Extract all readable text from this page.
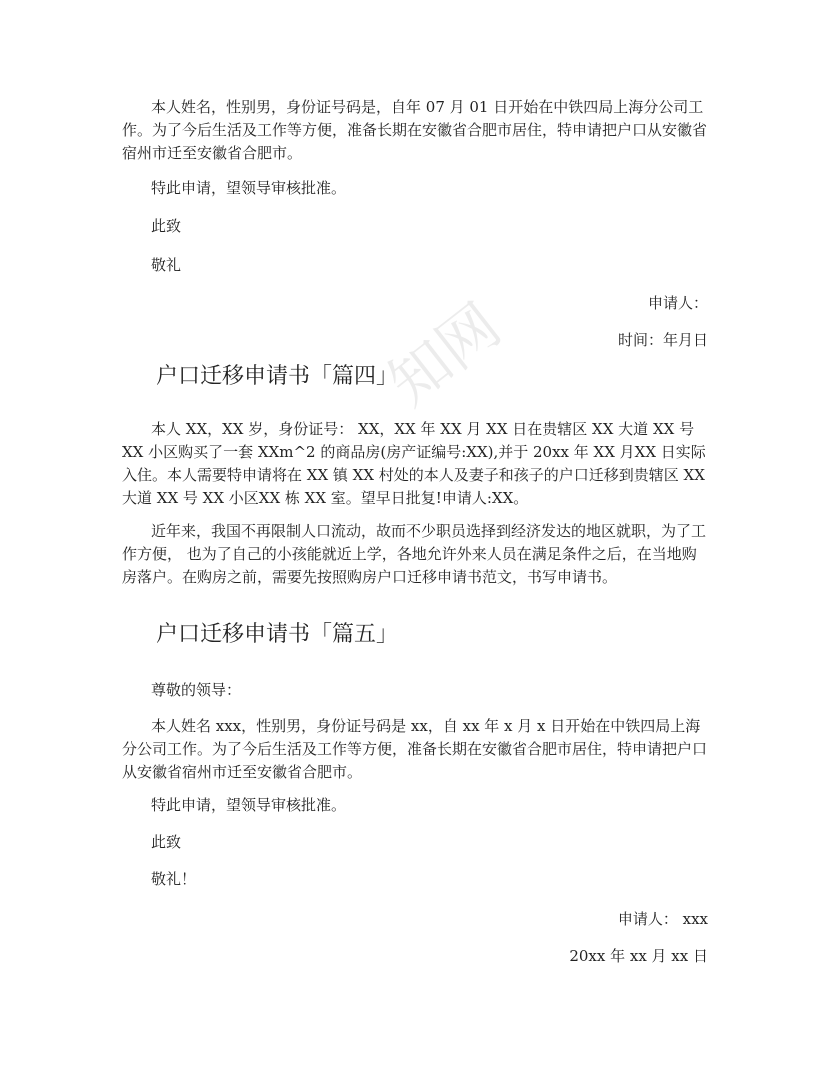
知网

本人姓名，性别男，身份证号码是，自年 07 月 01 日开始在中铁四局上海分公司工作。为了今后生活及工作等方便，准备长期在安徽省合肥市居住，特申请把户口从安徽省宿州市迁至安徽省合肥市。

特此申请，望领导审核批准。

此致

敬礼

申请人：

时间：年月日

户口迁移申请书「篇四」

本人 XX，XX 岁，身份证号： XX，XX 年 XX 月 XX 日在贵辖区 XX 大道 XX 号 XX 小区购买了一套 XXm^2 的商品房(房产证编号:XX),并于 20xx 年 XX 月XX 日实际入住。本人需要特申请将在 XX 镇 XX 村处的本人及妻子和孩子的户口迁移到贵辖区 XX 大道 XX 号 XX 小区XX 栋 XX 室。望早日批复!申请人:XX。

近年来，我国不再限制人口流动，故而不少职员选择到经济发达的地区就职，为了工作方便， 也为了自己的小孩能就近上学，各地允许外来人员在满足条件之后，在当地购房落户。在购房之前，需要先按照购房户口迁移申请书范文，书写申请书。

户口迁移申请书「篇五」

尊敬的领导：

本人姓名 xxx，性别男，身份证号码是 xx，自 xx 年 x 月 x 日开始在中铁四局上海分公司工作。为了今后生活及工作等方便，准备长期在安徽省合肥市居住，特申请把户口从安徽省宿州市迁至安徽省合肥市。

特此申请，望领导审核批准。

此致

敬礼！

申请人： xxx

20xx 年 xx 月 xx 日
